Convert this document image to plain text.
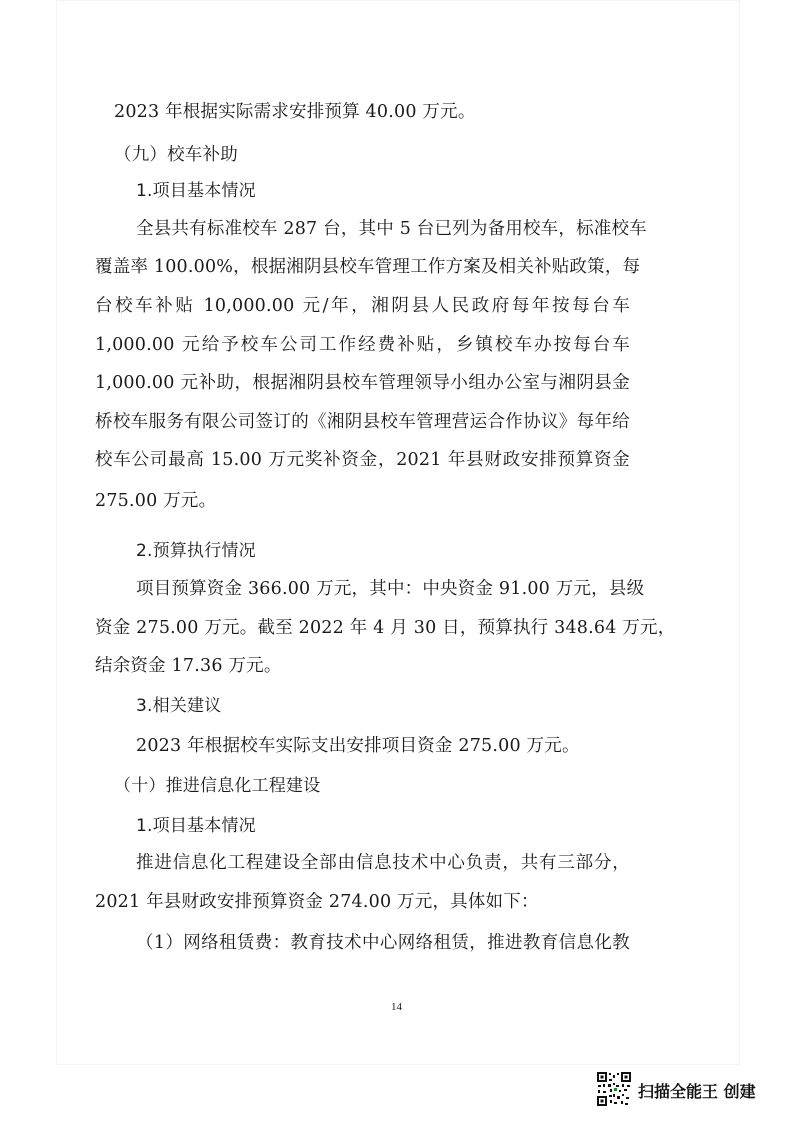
2023 年根据实际需求安排预算 40.00 万元。
（九）校车补助
1.项目基本情况
全县共有标准校车 287 台，其中 5 台已列为备用校车，标准校车
覆盖率 100.00%，根据湘阴县校车管理工作方案及相关补贴政策，每
台校车补贴 10,000.00 元/年，湘阴县人民政府每年按每台车
1,000.00 元给予校车公司工作经费补贴，乡镇校车办按每台车
1,000.00 元补助，根据湘阴县校车管理领导小组办公室与湘阴县金
桥校车服务有限公司签订的《湘阴县校车管理营运合作协议》每年给
校车公司最高 15.00 万元奖补资金，2021 年县财政安排预算资金
275.00 万元。
2.预算执行情况
项目预算资金 366.00 万元，其中：中央资金 91.00 万元，县级
资金 275.00 万元。截至 2022 年 4 月 30 日，预算执行 348.64 万元，
结余资金 17.36 万元。
3.相关建议
2023 年根据校车实际支出安排项目资金 275.00 万元。
（十）推进信息化工程建设
1.项目基本情况
推进信息化工程建设全部由信息技术中心负责，共有三部分，
2021 年县财政安排预算资金 274.00 万元，具体如下：
（1）网络租赁费：教育技术中心网络租赁，推进教育信息化教
14
扫描全能王 创建
